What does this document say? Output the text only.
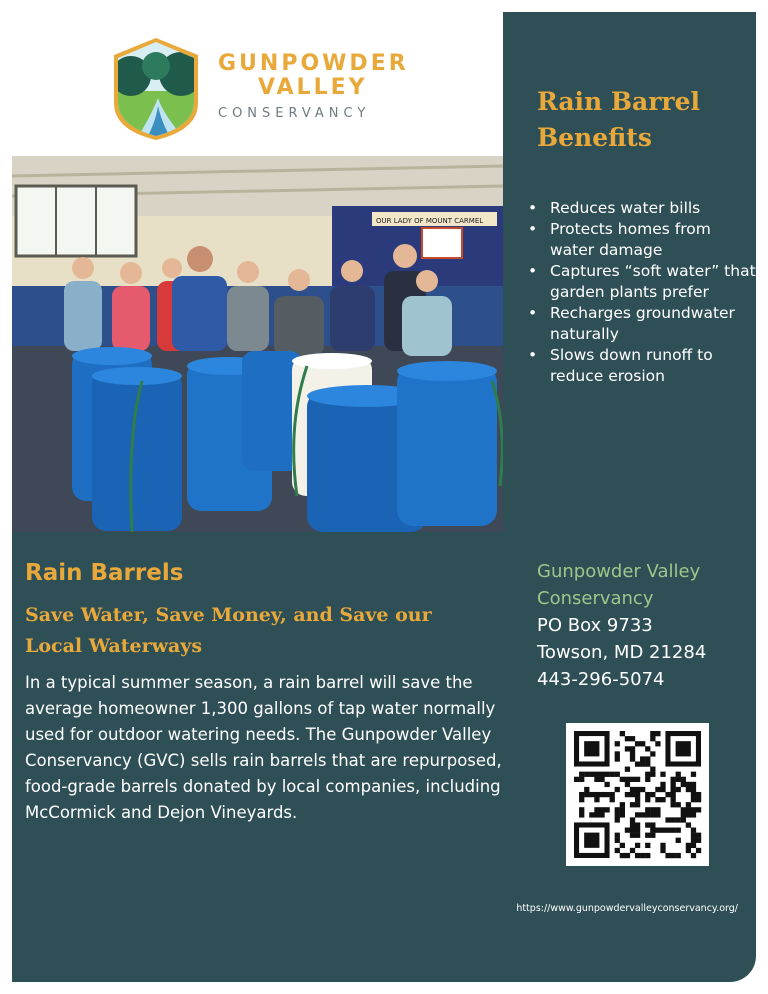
GUNPOWDER
VALLEY
CONSERVANCY	Rain Barrel Benefits
• Reduces water bills
• Protects homes from water damage
• Captures “soft water” that garden plants prefer
• Recharges groundwater naturally
• Slows down runoff to reduce erosion
OUR LADY OF MOUNT CARMEL
Rain Barrels
Save Water, Save Money, and Save our Local Waterways
In a typical summer season, a rain barrel will save the average homeowner 1,300 gallons of tap water normally used for outdoor watering needs. The Gunpowder Valley Conservancy (GVC) sells rain barrels that are repurposed, food-grade barrels donated by local companies, including McCormick and Dejon Vineyards.
Gunpowder Valley Conservancy
PO Box 9733
Towson, MD 21284
443-296-5074
https://www.gunpowdervalleyconservancy.org/
